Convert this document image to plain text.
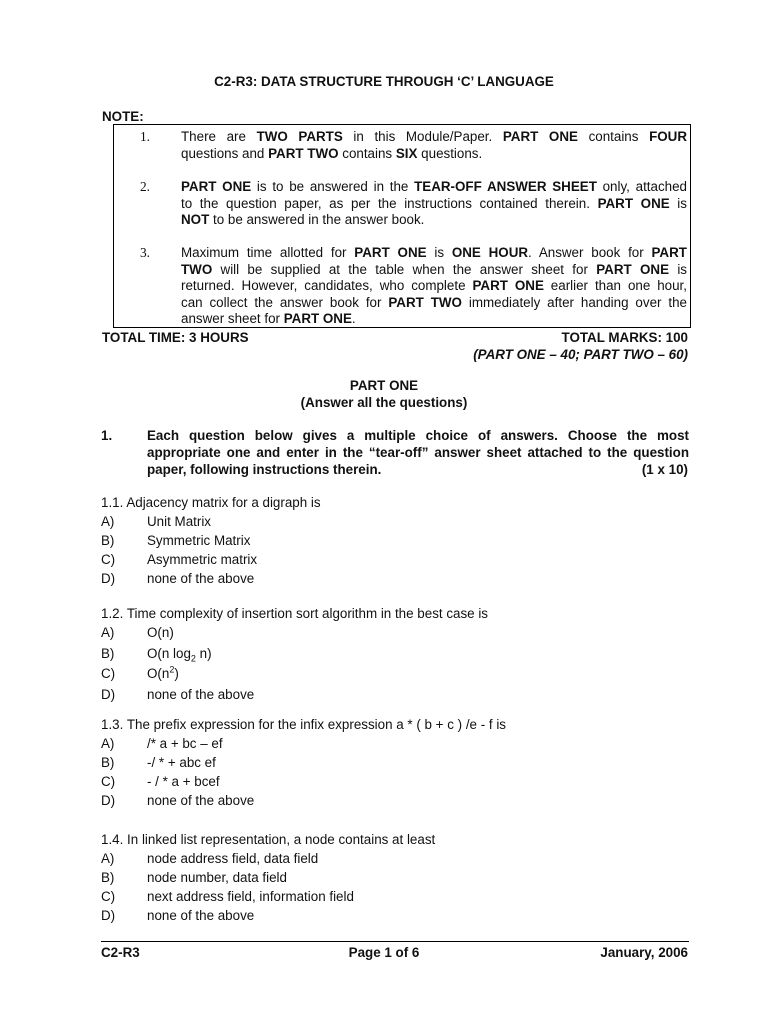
C2-R3: DATA STRUCTURE THROUGH ‘C’ LANGUAGE
NOTE:
1. There are TWO PARTS in this Module/Paper. PART ONE contains FOUR
questions and PART TWO contains SIX questions.
2. PART ONE is to be answered in the TEAR-OFF ANSWER SHEET only, attached
to the question paper, as per the instructions contained therein. PART ONE is
NOT to be answered in the answer book.
3. Maximum time allotted for PART ONE is ONE HOUR. Answer book for PART
TWO will be supplied at the table when the answer sheet for PART ONE is
returned. However, candidates, who complete PART ONE earlier than one hour,
can collect the answer book for PART TWO immediately after handing over the
answer sheet for PART ONE.
TOTAL TIME: 3 HOURS	TOTAL MARKS: 100
(PART ONE – 40; PART TWO – 60)
PART ONE
(Answer all the questions)
1.	Each question below gives a multiple choice of answers. Choose the most
appropriate one and enter in the “tear-off” answer sheet attached to the question
paper, following instructions therein.	(1 x 10)
1.1. Adjacency matrix for a digraph is
A) Unit Matrix
B) Symmetric Matrix
C) Asymmetric matrix
D) none of the above
1.2. Time complexity of insertion sort algorithm in the best case is
A) O(n)
B) O(n $\log_2 n$)
C) $O(n^2)$
D) none of the above
1.3. The prefix expression for the infix expression a * ( b + c ) /e - f is
A) /* a + bc – ef
B) -/ * + abc ef
C) - / * a + bcef
D) none of the above
1.4. In linked list representation, a node contains at least
A) node address field, data field
B) node number, data field
C) next address field, information field
D) none of the above
C2-R3	Page 1 of 6	January, 2006
